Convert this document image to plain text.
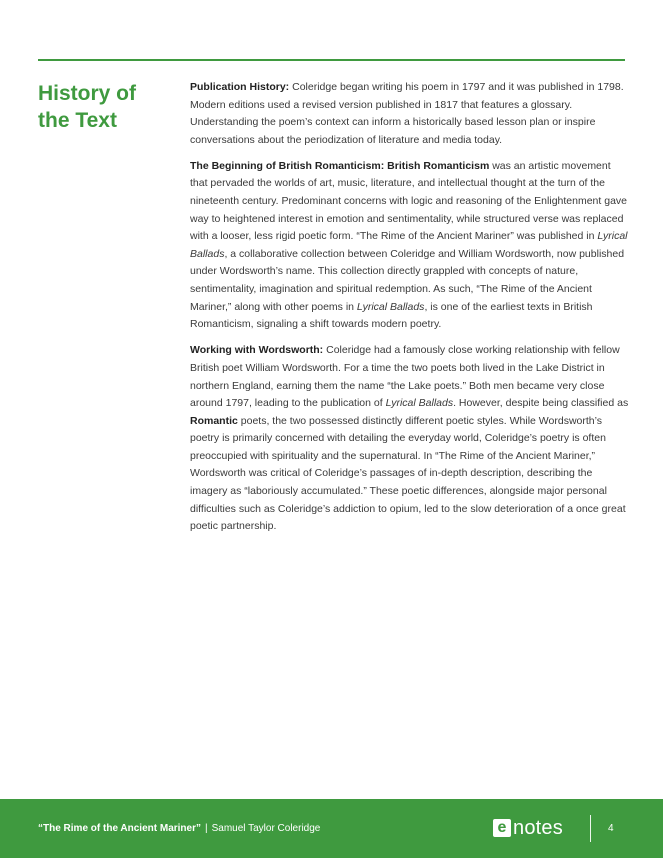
History of
the Text

Publication History: Coleridge began writing his poem in 1797 and it was published in 1798. Modern editions used a revised version published in 1817 that features a glossary. Understanding the poem’s context can inform a historically based lesson plan or inspire conversations about the periodization of literature and media today.

The Beginning of British Romanticism: British Romanticism was an artistic movement that pervaded the worlds of art, music, literature, and intellectual thought at the turn of the nineteenth century. Predominant concerns with logic and reasoning of the Enlightenment gave way to heightened interest in emotion and sentimentality, while structured verse was replaced with a looser, less rigid poetic form. “The Rime of the Ancient Mariner” was published in Lyrical Ballads, a collaborative collection between Coleridge and William Wordsworth, now published under Wordsworth’s name. This collection directly grappled with concepts of nature, sentimentality, imagination and spiritual redemption. As such, “The Rime of the Ancient Mariner,” along with other poems in Lyrical Ballads, is one of the earliest texts in British Romanticism, signaling a shift towards modern poetry.

Working with Wordsworth: Coleridge had a famously close working relationship with fellow British poet William Wordsworth. For a time the two poets both lived in the Lake District in northern England, earning them the name “the Lake poets.” Both men became very close around 1797, leading to the publication of Lyrical Ballads. However, despite being classified as Romantic poets, the two possessed distinctly different poetic styles. While Wordsworth’s poetry is primarily concerned with detailing the everyday world, Coleridge’s poetry is often preoccupied with spirituality and the supernatural. In “The Rime of the Ancient Mariner,” Wordsworth was critical of Coleridge’s passages of in-depth description, describing the imagery as “laboriously accumulated.” These poetic differences, alongside major personal difficulties such as Coleridge’s addiction to opium, led to the slow deterioration of a once great poetic partnership.

“The Rime of the Ancient Mariner” | Samuel Taylor Coleridge	e notes	4
